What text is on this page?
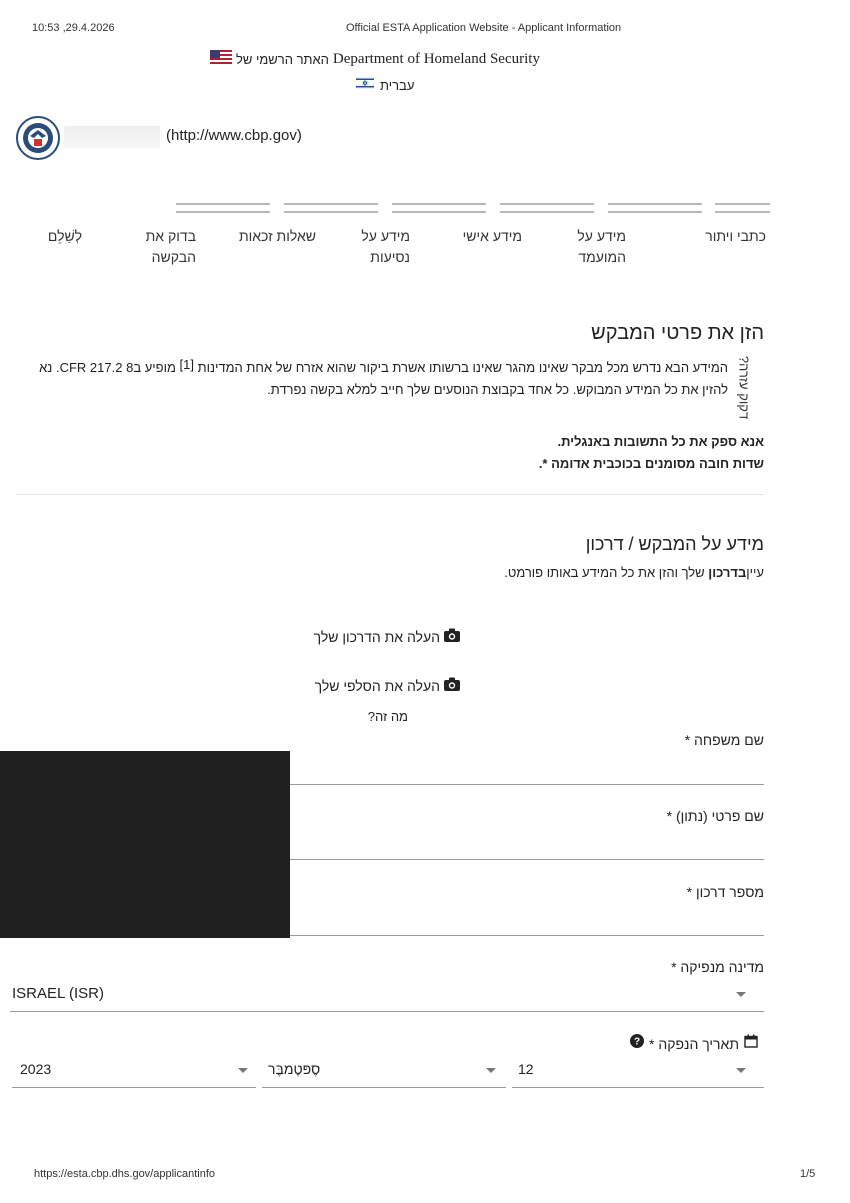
10:53 ,29.4.2026	Official ESTA Application Website - Applicant Information
האתר הרשמי של Department of Homeland Security
עברית
(http://www.cbp.gov)
כתבי ויתור
מידע על המועמד
מידע אישי
מידע על נסיעות
שאלות זכאות
בדוק את הבקשה
לְשַׁלֵם
דקוק עזרה?
הזן את פרטי המבקש
המידע הבא נדרש מכל מבקר שאינו מהגר שאינו ברשותו אשרת ביקור שהוא אזרח של אחת המדינות [1] מופיע ב8 CFR 217.2. נא להזין את כל המידע המבוקש. כל אחד בקבוצת הנוסעים שלך חייב למלא בקשה נפרדת.
אנא ספק את כל התשובות באנגלית.
שדות חובה מסומנים בכוכבית אדומה *.
מידע על המבקש / דרכון
עייןבדרכון שלך והזן את כל המידע באותו פורמט.
העלה את הדרכון שלך
העלה את הסלפי שלך
מה זה?
שם משפחה *
שם פרטי (נתון) *
מספר דרכון *
מדינה מנפיקה *
ISRAEL (ISR)
תאריך הנפקה *
?
12
סֶפּטֶמבֶּר
2023
https://esta.cbp.dhs.gov/applicantinfo	1/5
